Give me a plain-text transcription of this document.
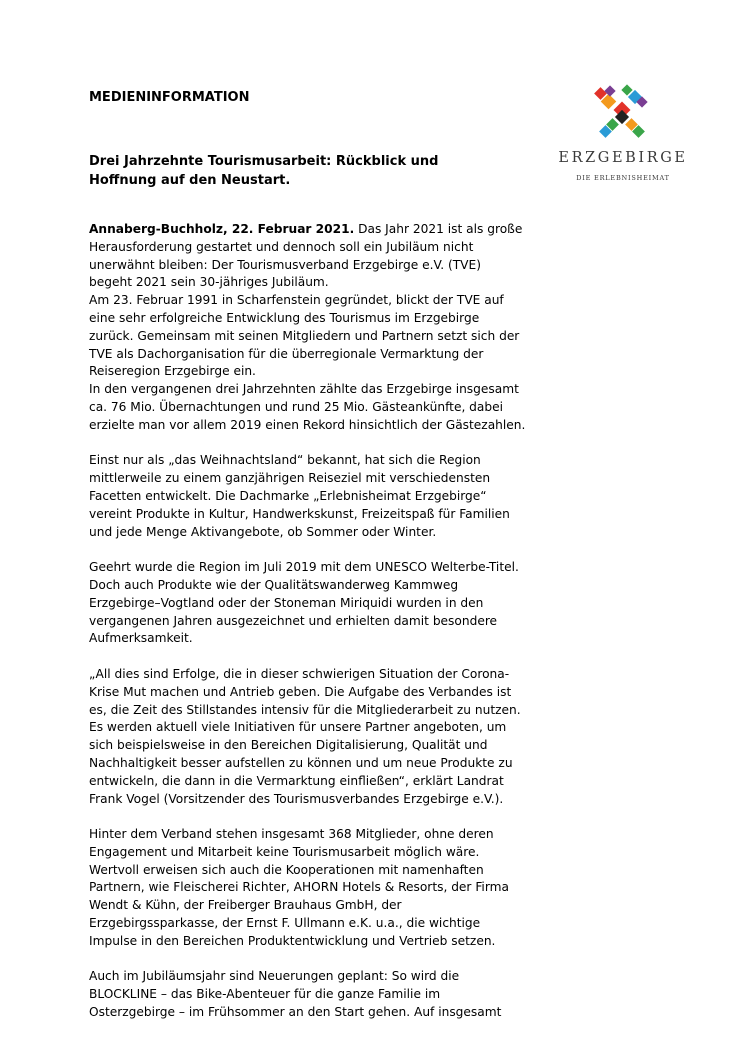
MEDIENINFORMATION
Drei Jahrzehnte Tourismusarbeit: Rückblick und
Hoffnung auf den Neustart.
ERZGEBIRGE
DIE ERLEBNISHEIMAT

Annaberg-Buchholz, 22. Februar 2021. Das Jahr 2021 ist als große
Herausforderung gestartet und dennoch soll ein Jubiläum nicht
unerwähnt bleiben: Der Tourismusverband Erzgebirge e.V. (TVE)
begeht 2021 sein 30-jähriges Jubiläum.

Am 23. Februar 1991 in Scharfenstein gegründet, blickt der TVE auf
eine sehr erfolgreiche Entwicklung des Tourismus im Erzgebirge
zurück. Gemeinsam mit seinen Mitgliedern und Partnern setzt sich der
TVE als Dachorganisation für die überregionale Vermarktung der
Reiseregion Erzgebirge ein.

In den vergangenen drei Jahrzehnten zählte das Erzgebirge insgesamt
ca. 76 Mio. Übernachtungen und rund 25 Mio. Gästeankünfte, dabei
erzielte man vor allem 2019 einen Rekord hinsichtlich der Gästezahlen.

Einst nur als „das Weihnachtsland“ bekannt, hat sich die Region
mittlerweile zu einem ganzjährigen Reiseziel mit verschiedensten
Facetten entwickelt. Die Dachmarke „Erlebnisheimat Erzgebirge“
vereint Produkte in Kultur, Handwerkskunst, Freizeitspaß für Familien
und jede Menge Aktivangebote, ob Sommer oder Winter.

Geehrt wurde die Region im Juli 2019 mit dem UNESCO Welterbe-Titel.
Doch auch Produkte wie der Qualitätswanderweg Kammweg
Erzgebirge–Vogtland oder der Stoneman Miriquidi wurden in den
vergangenen Jahren ausgezeichnet und erhielten damit besondere
Aufmerksamkeit.

„All dies sind Erfolge, die in dieser schwierigen Situation der Corona-
Krise Mut machen und Antrieb geben. Die Aufgabe des Verbandes ist
es, die Zeit des Stillstandes intensiv für die Mitgliederarbeit zu nutzen.
Es werden aktuell viele Initiativen für unsere Partner angeboten, um
sich beispielsweise in den Bereichen Digitalisierung, Qualität und
Nachhaltigkeit besser aufstellen zu können und um neue Produkte zu
entwickeln, die dann in die Vermarktung einfließen“, erklärt Landrat
Frank Vogel (Vorsitzender des Tourismusverbandes Erzgebirge e.V.).

Hinter dem Verband stehen insgesamt 368 Mitglieder, ohne deren
Engagement und Mitarbeit keine Tourismusarbeit möglich wäre.
Wertvoll erweisen sich auch die Kooperationen mit namenhaften
Partnern, wie Fleischerei Richter, AHORN Hotels & Resorts, der Firma
Wendt & Kühn, der Freiberger Brauhaus GmbH, der
Erzgebirgssparkasse, der Ernst F. Ullmann e.K. u.a., die wichtige
Impulse in den Bereichen Produktentwicklung und Vertrieb setzen.

Auch im Jubiläumsjahr sind Neuerungen geplant: So wird die
BLOCKLINE – das Bike-Abenteuer für die ganze Familie im
Osterzgebirge – im Frühsommer an den Start gehen. Auf insgesamt
